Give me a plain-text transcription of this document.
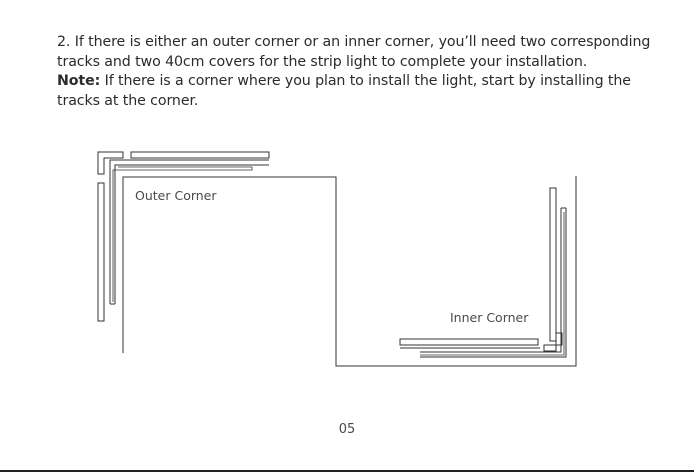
2. If there is either an outer corner or an inner corner, you’ll need two corresponding tracks and two 40cm covers for the strip light to complete your installation.

Note: If there is a corner where you plan to install the light, start by installing the tracks at the corner.

Outer Corner
Inner Corner
05
